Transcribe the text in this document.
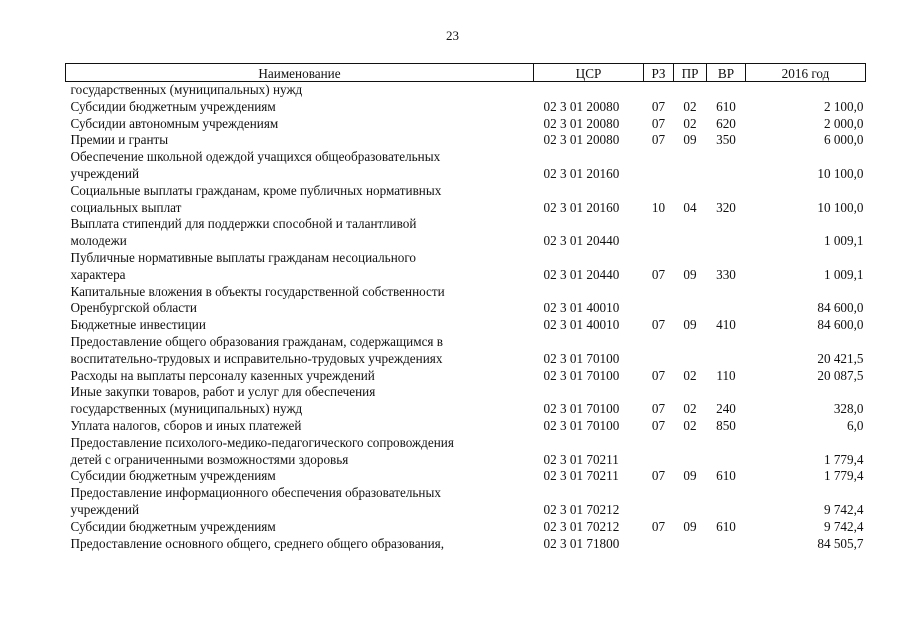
23
Наименование	ЦСР	РЗ	ПР	ВР	2016 год

государственных (муниципальных) нужд					

Субсидии бюджетным учреждениям	02 3 01 20080	07	02	610	2 100,0

Субсидии автономным учреждениям	02 3 01 20080	07	02	620	2 000,0

Премии и гранты	02 3 01 20080	07	09	350	6 000,0

Обеспечение школьной одеждой учащихся общеобразовательных
учреждений	02 3 01 20160				10 100,0

Социальные выплаты гражданам, кроме публичных нормативных
социальных выплат	02 3 01 20160	10	04	320	10 100,0

Выплата стипендий для поддержки способной и талантливой
молодежи	02 3 01 20440				1 009,1

Публичные нормативные выплаты гражданам несоциального
характера	02 3 01 20440	07	09	330	1 009,1

Капитальные вложения в объекты государственной собственности
Оренбургской области	02 3 01 40010				84 600,0

Бюджетные инвестиции	02 3 01 40010	07	09	410	84 600,0

Предоставление общего образования гражданам, содержащимся в
воспитательно-трудовых и исправительно-трудовых учреждениях	02 3 01 70100				20 421,5

Расходы на выплаты персоналу казенных учреждений	02 3 01 70100	07	02	110	20 087,5

Иные закупки товаров, работ и услуг для обеспечения
государственных (муниципальных) нужд	02 3 01 70100	07	02	240	328,0

Уплата налогов, сборов и иных платежей	02 3 01 70100	07	02	850	6,0

Предоставление психолого-медико-педагогического сопровождения
детей с ограниченными возможностями здоровья	02 3 01 70211				1 779,4

Субсидии бюджетным учреждениям	02 3 01 70211	07	09	610	1 779,4

Предоставление информационного обеспечения образовательных
учреждений	02 3 01 70212				9 742,4

Субсидии бюджетным учреждениям	02 3 01 70212	07	09	610	9 742,4

Предоставление основного общего, среднего общего образования,	02 3 01 71800				84 505,7
